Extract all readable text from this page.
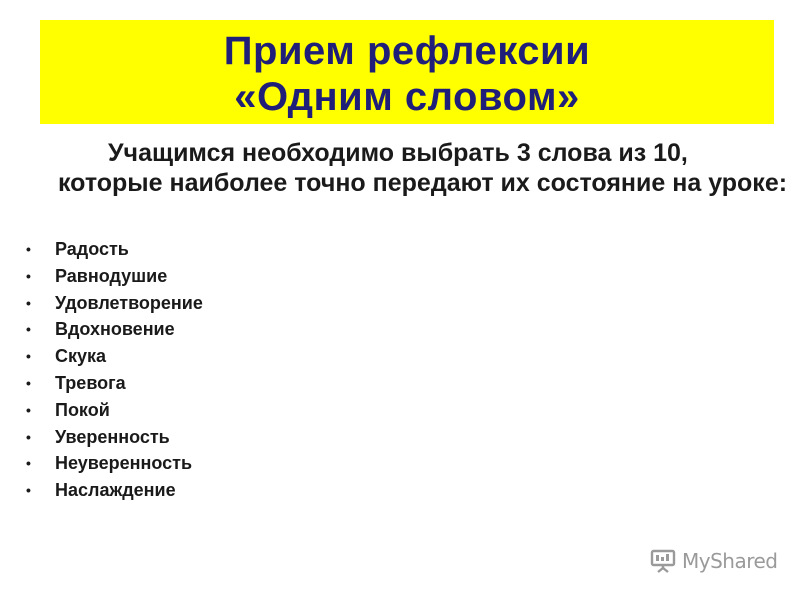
Прием рефлексии
«Одним словом»
Учащимся необходимо выбрать 3 слова из 10, которые наиболее точно передают их состояние на уроке:
• Радость
• Равнодушие
• Удовлетворение
• Вдохновение
• Скука
• Тревога
• Покой
• Уверенность
• Неуверенность
• Наслаждение
MyShared
